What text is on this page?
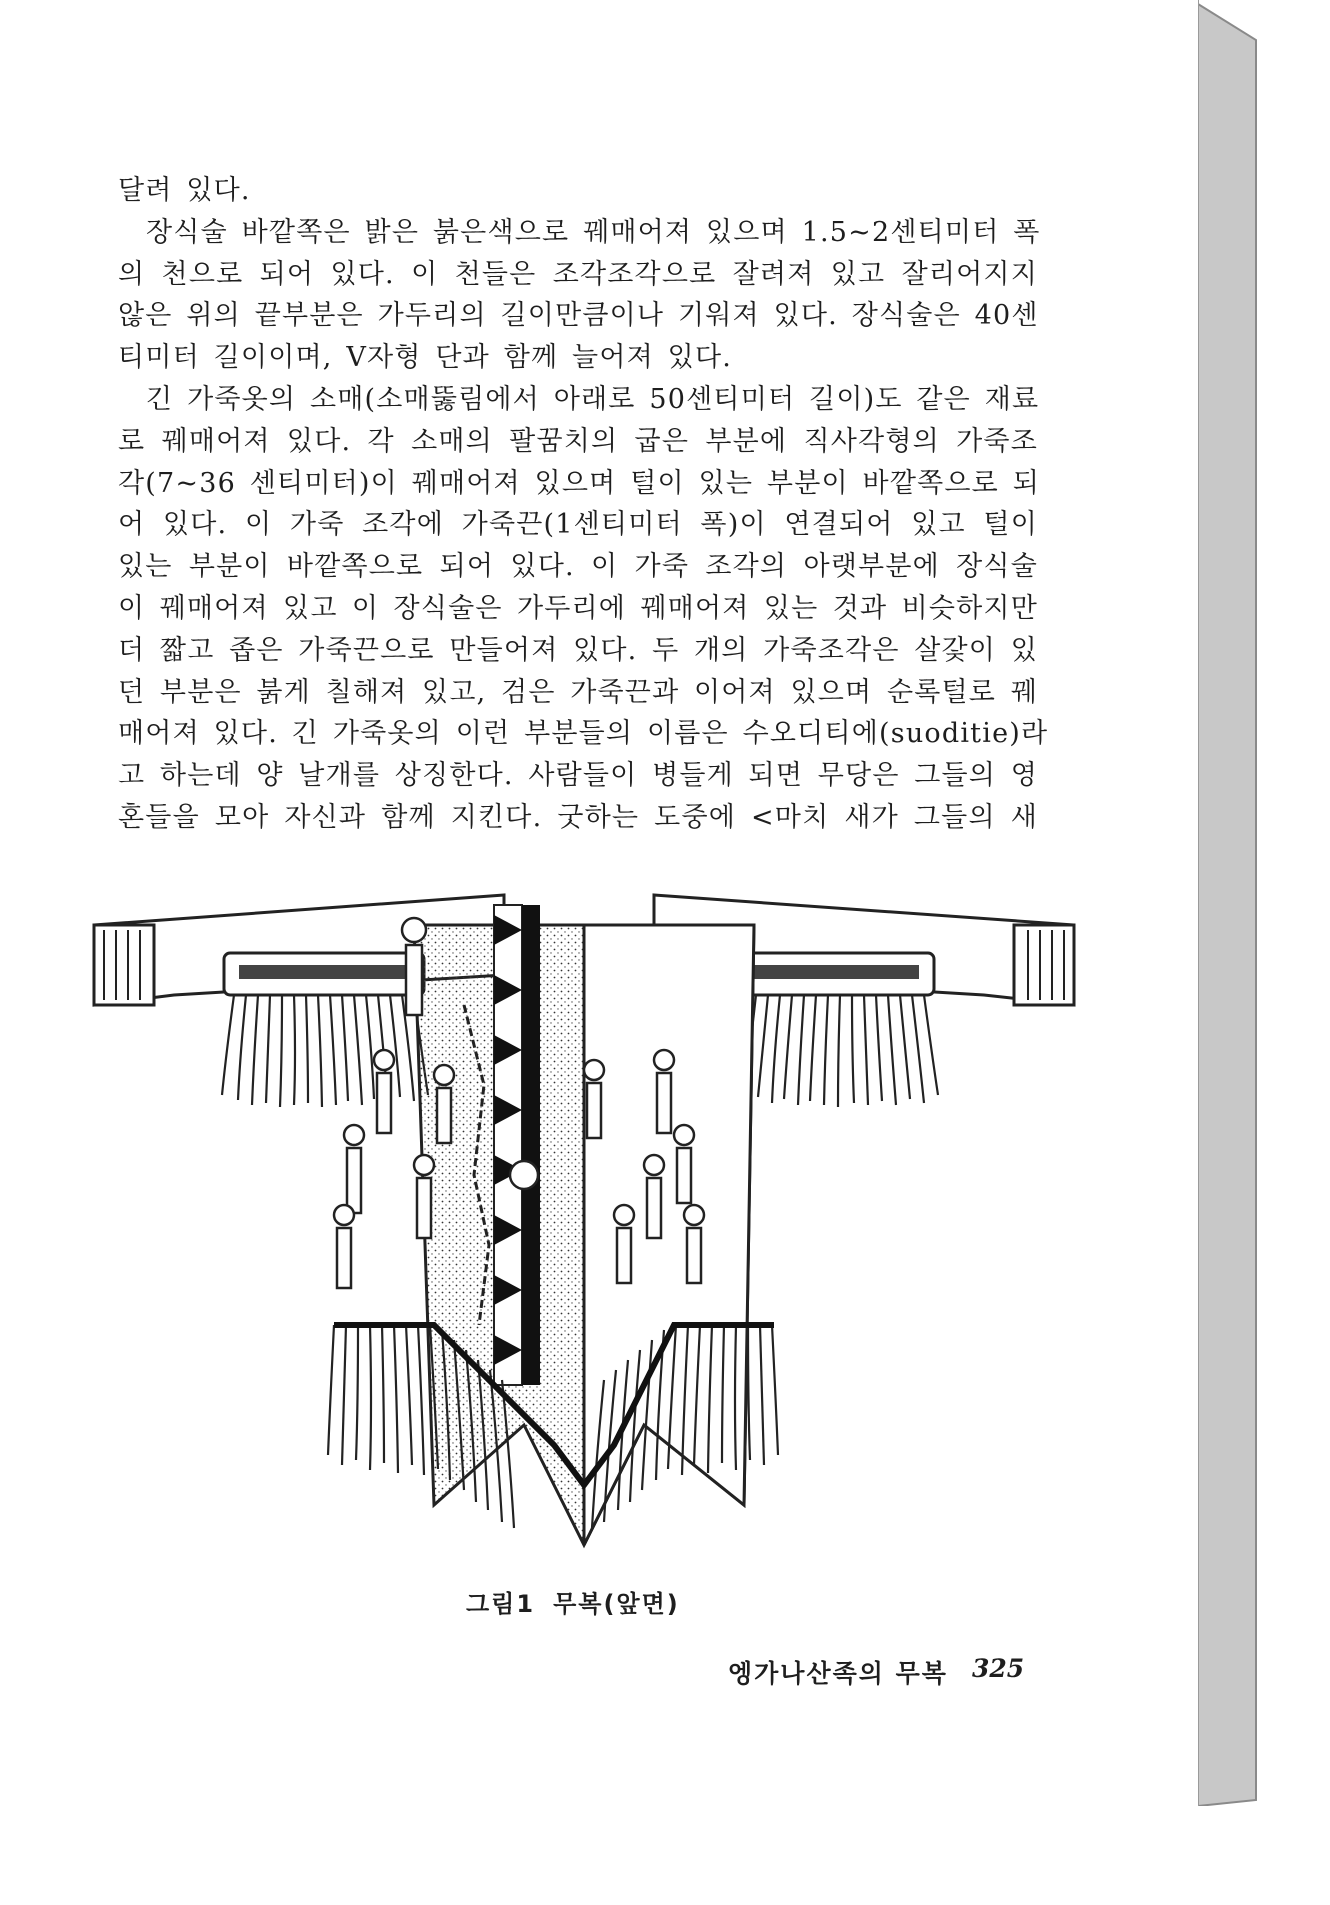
달려 있다.
장식술 바깥쪽은 밝은 붉은색으로 꿰매어져 있으며 1.5~2센티미터 폭
의 천으로 되어 있다. 이 천들은 조각조각으로 잘려져 있고 잘리어지지
않은 위의 끝부분은 가두리의 길이만큼이나 기워져 있다. 장식술은 40센
티미터 길이이며, V자형 단과 함께 늘어져 있다.
긴 가죽옷의 소매(소매뚫림에서 아래로 50센티미터 길이)도 같은 재료
로 꿰매어져 있다. 각 소매의 팔꿈치의 굽은 부분에 직사각형의 가죽조
각(7~36 센티미터)이 꿰매어져 있으며 털이 있는 부분이 바깥쪽으로 되
어 있다. 이 가죽 조각에 가죽끈(1센티미터 폭)이 연결되어 있고 털이
있는 부분이 바깥쪽으로 되어 있다. 이 가죽 조각의 아랫부분에 장식술
이 꿰매어져 있고 이 장식술은 가두리에 꿰매어져 있는 것과 비슷하지만
더 짧고 좁은 가죽끈으로 만들어져 있다. 두 개의 가죽조각은 살갗이 있
던 부분은 붉게 칠해져 있고, 검은 가죽끈과 이어져 있으며 순록털로 꿰
매어져 있다. 긴 가죽옷의 이런 부분들의 이름은 수오디티에(suoditie)라
고 하는데 양 날개를 상징한다. 사람들이 병들게 되면 무당은 그들의 영
혼들을 모아 자신과 함께 지킨다. 굿하는 도중에 <마치 새가 그들의 새
그림1 무복(앞면)
엥가나산족의 무복 325
